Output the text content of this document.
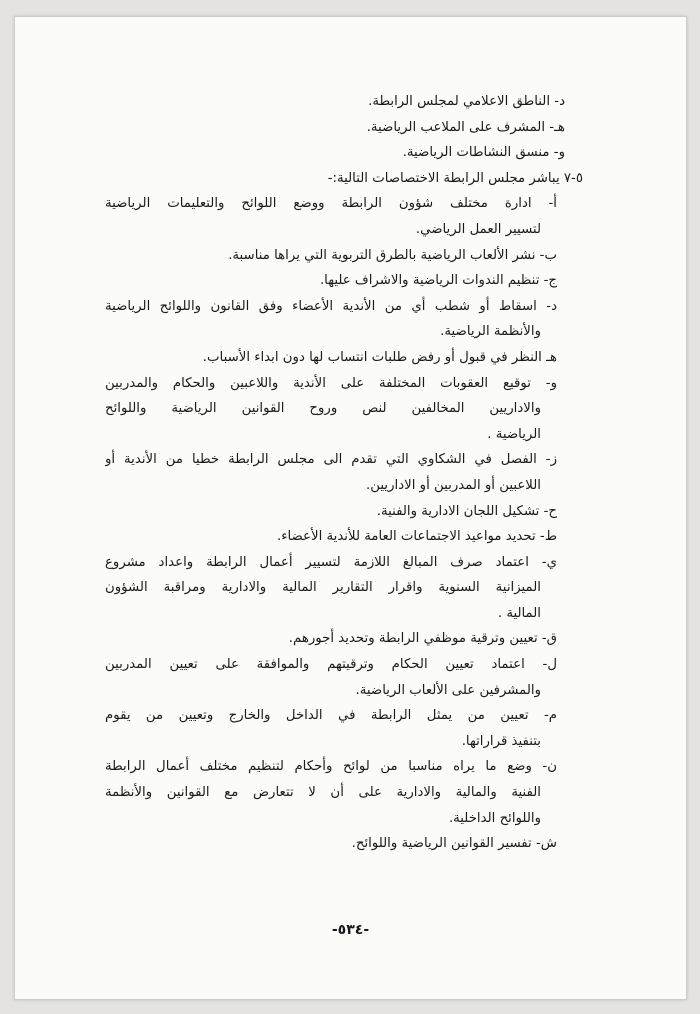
د- الناطق الاعلامي لمجلس الرابطة.
هـ- المشرف على الملاعب الرياضية.
و- منسق النشاطات الرياضية.
٥-٧ يباشر مجلس الرابطة الاختصاصات التالية:-
أ- ادارة مختلف شؤون الرابطة ووضع اللوائح والتعليمات الرياضية
لتسيير العمل الرياضي.
ب- نشر الألعاب الرياضية بالطرق التربوية التي يراها مناسبة.
ج- تنظيم الندوات الرياضية والاشراف عليها.
د- اسقاط أو شطب أي من الأندية الأعضاء وفق القانون واللوائح الرياضية
والأنظمة الرياضية.
هـ النظر في قبول أو رفض طلبات انتساب لها دون ابداء الأسباب.
و- توقيع العقوبات المختلفة على الأندية واللاعبين والحكام والمدربين
والاداريين المخالفين لنص وروح القوانين الرياضية واللوائح
الرياضية .
ز- الفصل في الشكاوي التي تقدم الى مجلس الرابطة خطيا من الأندية أو
اللاعبين أو المدربين أو الاداريين.
ح- تشكيل اللجان الادارية والفنية.
ط- تحديد مواعيد الاجتماعات العامة للأندية الأعضاء.
ي- اعتماد صرف المبالغ اللازمة لتسيير أعمال الرابطة واعداد مشروع
الميزانية السنوية واقرار التقارير المالية والادارية ومراقبة الشؤون
المالية .
ق- تعيين وترقية موظفي الرابطة وتحديد أجورهم.
ل- اعتماد تعيين الحكام وترقيتهم والموافقة على تعيين المدربين
والمشرفين على الألعاب الرياضية.
م- تعيين من يمثل الرابطة في الداخل والخارج وتعيين من يقوم
بتنفيذ قراراتها.
ن- وضع ما يراه مناسبا من لوائح وأحكام لتنظيم مختلف أعمال الرابطة
الفنية والمالية والادارية على أن لا تتعارض مع القوانين والأنظمة
واللوائح الداخلية.
ش- تفسير القوانين الرياضية واللوائح.
-٥٣٤-
